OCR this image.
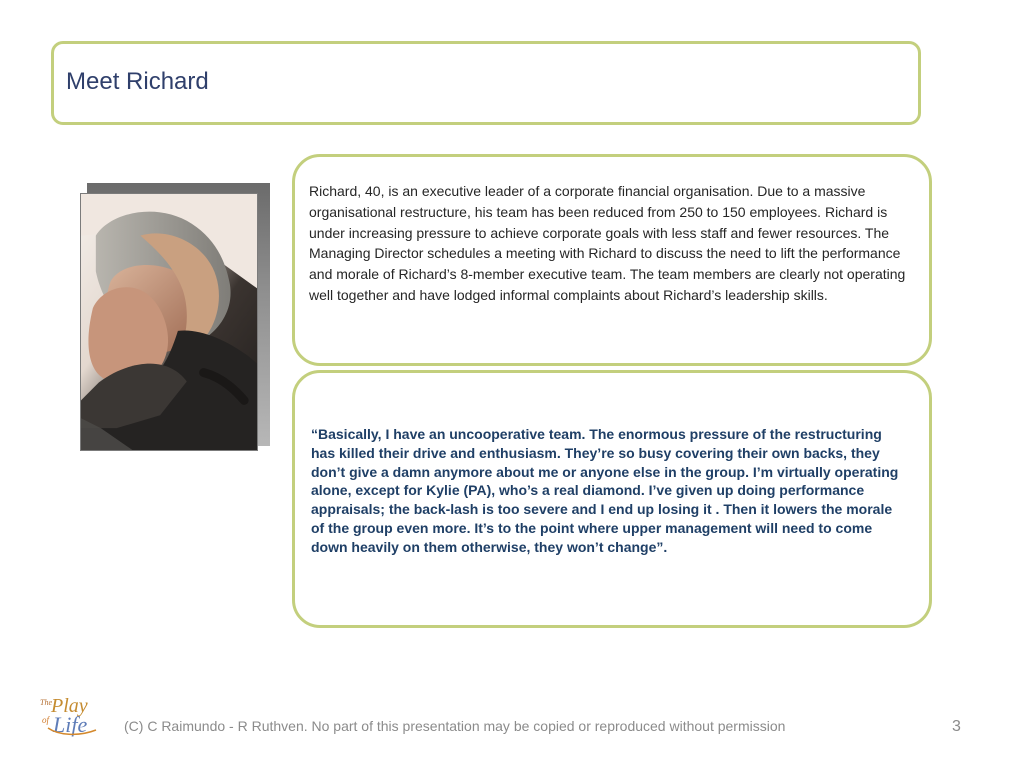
Meet Richard
Richard, 40, is an executive leader of a corporate financial organisation. Due to a massive organisational restructure, his team has been reduced from 250 to 150 employees. Richard is under increasing pressure to achieve corporate goals with less staff and fewer resources. The Managing Director schedules a meeting with Richard to discuss the need to lift the performance and morale of Richard’s 8-member executive team. The team members are clearly not operating well together and have lodged informal complaints about Richard’s leadership skills.
“Basically, I have an uncooperative team. The enormous pressure of the restructuring has killed their drive and enthusiasm. They’re so busy covering their own backs, they don’t give a damn anymore about me or anyone else in the group. I’m virtually operating alone, except for Kylie (PA), who’s a real diamond. I’ve given up doing performance appraisals; the back-lash is too severe and I end up losing it . Then it lowers the morale of the group even more. It’s to the point where upper management will need to come down heavily on them otherwise, they won’t change”.
The Play
of Life	(C) C Raimundo - R Ruthven. No part of this presentation may be copied or reproduced without permission	3
